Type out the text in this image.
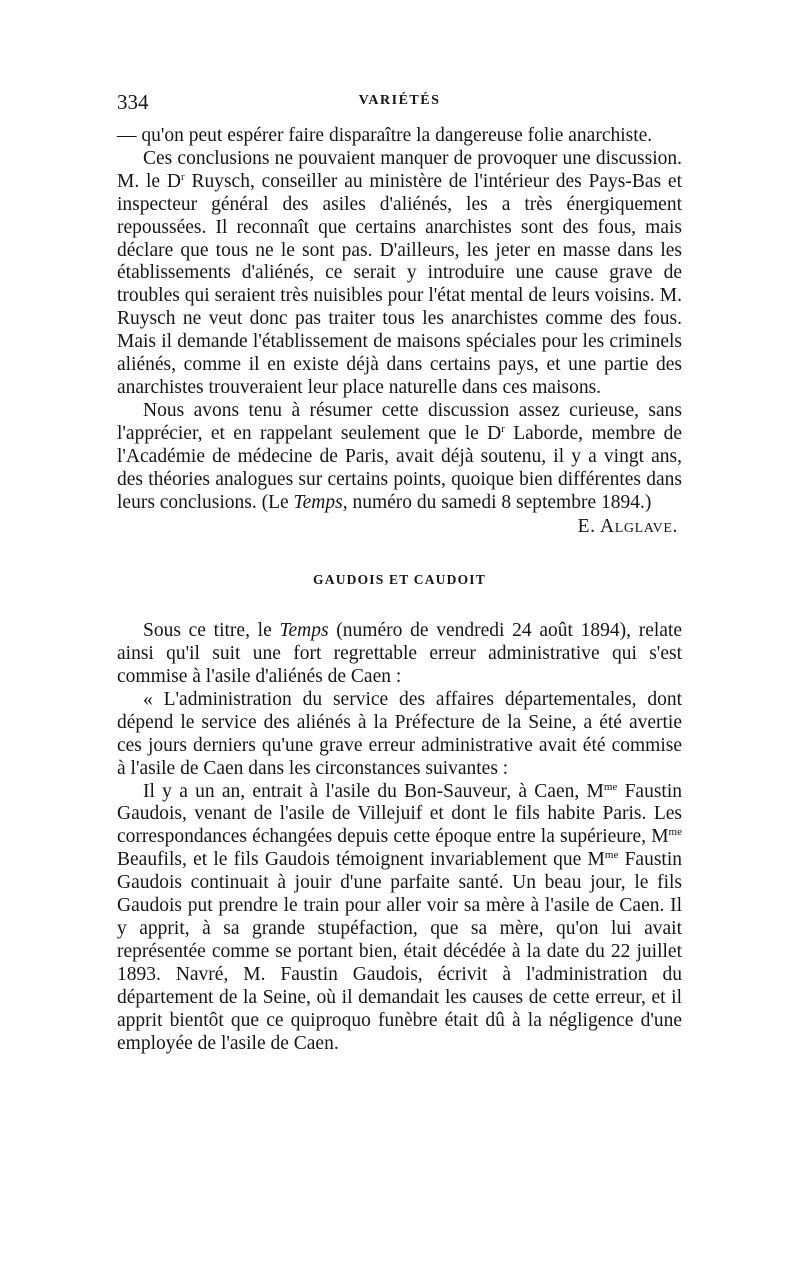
334	VARIÉTÉS

— qu'on peut espérer faire disparaître la dangereuse folie anarchiste.

Ces conclusions ne pouvaient manquer de provoquer une discussion. M. le $D^r$ Ruysch, conseiller au ministère de l'intérieur des Pays-Bas et inspecteur général des asiles d'aliénés, les a très énergiquement repoussées. Il reconnaît que certains anarchistes sont des fous, mais déclare que tous ne le sont pas. D'ailleurs, les jeter en masse dans les établissements d'aliénés, ce serait y introduire une cause grave de troubles qui seraient très nuisibles pour l'état mental de leurs voisins. M. Ruysch ne veut donc pas traiter tous les anarchistes comme des fous. Mais il demande l'établissement de maisons spéciales pour les criminels aliénés, comme il en existe déjà dans certains pays, et une partie des anarchistes trouveraient leur place naturelle dans ces maisons.

Nous avons tenu à résumer cette discussion assez curieuse, sans l'apprécier, et en rappelant seulement que le $D^r$ Laborde, membre de l'Académie de médecine de Paris, avait déjà soutenu, il y a vingt ans, des théories analogues sur certains points, quoique bien différentes dans leurs conclusions. (Le Temps, numéro du samedi 8 septembre 1894.)

E. Alglave.

GAUDOIS ET CAUDOIT

Sous ce titre, le Temps (numéro de vendredi 24 août 1894), relate ainsi qu'il suit une fort regrettable erreur administrative qui s'est commise à l'asile d'aliénés de Caen :

« L'administration du service des affaires départementales, dont dépend le service des aliénés à la Préfecture de la Seine, a été avertie ces jours derniers qu'une grave erreur administrative avait été commise à l'asile de Caen dans les circonstances suivantes :

Il y a un an, entrait à l'asile du Bon-Sauveur, à Caen, $M^{me}$ Faustin Gaudois, venant de l'asile de Villejuif et dont le fils habite Paris. Les correspondances échangées depuis cette époque entre la supérieure, $M^{me}$ Beaufils, et le fils Gaudois témoignent invariablement que $M^{me}$ Faustin Gaudois continuait à jouir d'une parfaite santé. Un beau jour, le fils Gaudois put prendre le train pour aller voir sa mère à l'asile de Caen. Il y apprit, à sa grande stupéfaction, que sa mère, qu'on lui avait représentée comme se portant bien, était décédée à la date du 22 juillet 1893. Navré, M. Faustin Gaudois, écrivit à l'administration du département de la Seine, où il demandait les causes de cette erreur, et il apprit bientôt que ce quiproquo funèbre était dû à la négligence d'une employée de l'asile de Caen.
